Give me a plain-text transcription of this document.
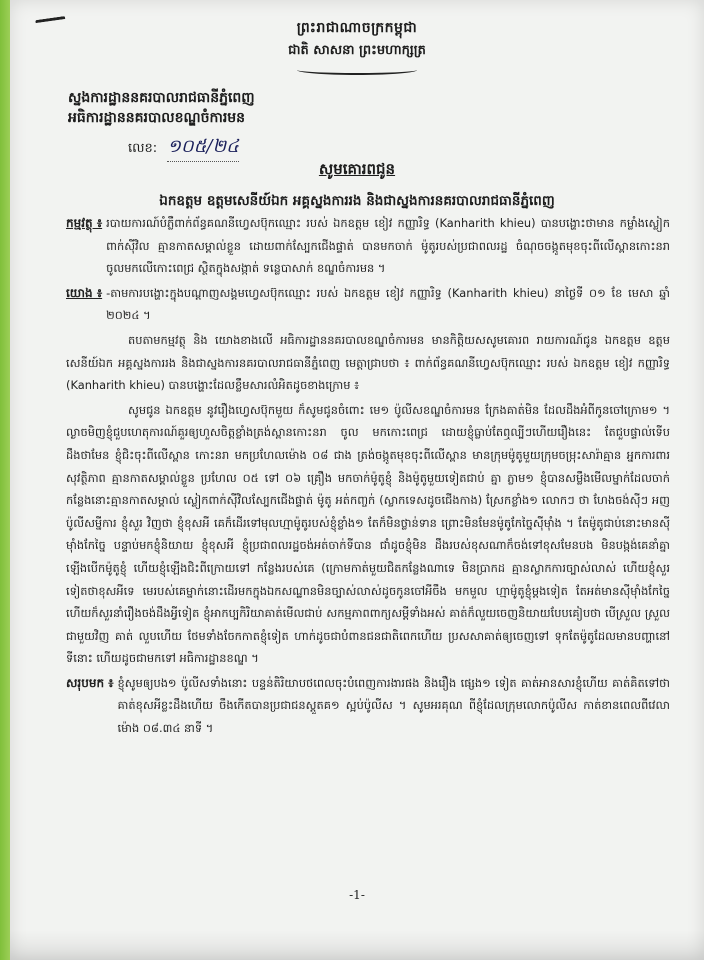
ព្រះរាជាណាចក្រកម្ពុជា
ជាតិ សាសនា ព្រះមហាក្សត្រ
ស្នងការដ្ឋាននគរបាលរាជធានីភ្នំពេញ
អធិការដ្ឋាននគរបាលខណ្ឌចំការមន
លេខ: ១០៥/២៤
សូមគោរពជូន
ឯកឧត្តម ឧត្តមសេនីយ៍ឯក អគ្គស្នងការរង និងជាស្នងការនគរបាលរាជធានីភ្នំពេញ
កម្មវត្ថុ ៖ របាយការណ៍បំភ្លឺពាក់ព័ន្ធគណនីហ្វេសប៊ុកឈ្មោះ របស់ ឯកឧត្តម ខៀវ កញ្ញារិទ្ធ (Kanharith khieu) បានបង្ហោះថាមាន កម្លាំងស្លៀកពាក់ស៊ីវិល គ្មានកាតសម្គាល់ខ្លួន ដោយពាក់ស្បែកជើងផ្ទាត់ បានមកចាក់ ម៉ូតូរបស់ប្រជាពលរដ្ឋ ចំណុចចង្កូតមុខចុះពីលើស្ពានកោះនរា ចូលមកលើកោះពេជ្រ ស្ថិតក្នុងសង្កាត់ ទន្លេបាសាក់ ខណ្ឌចំការមន ។
យោង ៖ -តាមការបង្ហោះក្នុងបណ្តាញសង្គមហ្វេសប៊ុកឈ្មោះ របស់ ឯកឧត្តម ខៀវ កញ្ញារិទ្ធ (Kanharith khieu) នាថ្ងៃទី ០១ ខែ មេសា ឆ្នាំ ២០២៤ ។
តបតាមកម្មវត្ថុ និង យោងខាងលើ អធិការដ្ឋាននគរបាលខណ្ឌចំការមន មានកិត្តិយសសូមគោរព រាយការណ៍ជូន ឯកឧត្តម ឧត្តមសេនីយ៍ឯក អគ្គស្នងការរង និងជាស្នងការនគរបាលរាជធានីភ្នំពេញ មេត្តាជ្រាបថា ៖ ពាក់ព័ន្ធគណនីហ្វេសប៊ុកឈ្មោះ របស់ ឯកឧត្តម ខៀវ កញ្ញារិទ្ធ (Kanharith khieu) បានបង្ហោះដែលខ្លឹមសារលំអិតដូចខាងក្រោម ៖
សូមជូន ឯកឧត្តម នូវរឿងហ្វេសប៊ុកមួយ ក៏សូមជូនចំពោះ មេ១ ប៉ូលីសខណ្ឌចំការមន ក្រែងគាត់មិន ដែលដឹងអំពីកូនចៅក្រោម១ ។ ល្ងាចមិញខ្ញុំជួបហេតុការណ៍គួរឲ្យហួសចិត្តខ្លាំងត្រង់ស្ពានកោះនរា ចូល មកកោះពេជ្រ ដោយខ្ញុំធ្លាប់តែឮល្បីៗហើយរឿងនេះ តែជួបផ្ទាល់ទើបដឹងថាមែន ខ្ញុំជិះចុះពីលើស្ពាន កោះនរា មកប្រហែលម៉ោង ០៨ ជាង ត្រង់ចង្កូតមុខចុះពីលើស្ពាន មានក្រុមម៉ូតូមួយក្រុមចម្រុះសារ៉ាគ្មាន អ្នកការពារសុវត្ថិភាព គ្មានកាតសម្គាល់ខ្លួន ប្រហែល ០៥ ទៅ ០៦ គ្រឿង មកចាក់ម៉ូតូខ្ញុំ និងម៉ូតូមួយទៀតជាប់ គ្នា ភ្លាម១ ខ្ញុំបានសម្លឹងមើលម្នាក់ដែលចាក់កន្លែងនោះគ្មានកាតសម្គាល់ ស្លៀកពាក់ស៊ីវិលស្បែកជើងផ្ទាត់ ម៉ូតូ អត់កញ្ចក់ (ស្លាកទេសដូចជើងកាង) ស្រែកខ្លាំង១ លោកៗ ថា ហែងចង់ស៊ីៗ អញប៉ូលីសម្នីការ ខ្ញុំសួរ វិញថា ខ្ញុំខុសអី គេក៏ដើរទៅមុលហ្មាម៉ូតូរបស់ខ្ញុំខ្លាំង១ តែក៏មិនថ្លាន់ទាន ព្រោះមិនមែនម៉ូតូកែច្នៃស៊ីម៉ាំង ។ តែម៉ូតូជាប់នោះមានស៊ីម៉ាំងកែច្នៃ បន្ទាប់មកខ្ញុំនិយាយ ខ្ញុំខុសអី ខ្ញុំប្រជាពលរដ្ឋចង់អត់ចាក់ទីបាន ជាំដូចខ្ញុំមិន ដឹងរបស់ខុសណាក៏ចង់ទៅខុសមែនបង មិនបង្កង់គេនាំគ្នាឡើងបើកម៉ូតូខ្ញុំ ហើយខ្ញុំឡើងជិះពីក្រោយទៅ កន្លែងរបស់គេ (ក្រោមកាត់មួយជិតកន្លែងណាទេ មិនប្រាកដ គ្មានស្លាកការច្បាស់លាស់ ហើយខ្ញុំសួរ ទៀតថាខុសអីទេ មេរបស់គេម្នាក់នោះដើរមកក្នុងឯកសណ្ឋានមិនច្បាស់លាស់ដូចកូនចៅអីចឹង មកមួល ហ្មាម៉ូតូខ្ញុំម្តងទៀត តែអត់មានស៊ីម៉ាំងកែច្នៃ ហើយក៏សួរនាំរឿងចង់ដឹងអ្វីទៀត ខ្ញុំអាកប្បកិរិយាគាត់មើលជាប់ សកម្មភាពពាក្យសម្តីទាំងអស់ គាត់ក៏លួយចេញនិយាយបែបគៀបថា បើស្រួល ស្រួល ជាមួយវិញ គាត់ លួបហើយ ថែមទាំងចែកកាតខ្ញុំទៀត ហាក់ដូចជាបំពានជនជាតិពេកហើយ ប្រសសាគាត់ឲ្យចេញទៅ ទុកតែម៉ូតូដែលមានបញ្ហានៅទីនោះ ហើយដូចជាមកទៅ អធិការដ្ឋានខណ្ឌ ។
សរុបមក ៖ ខ្ញុំសូមឲ្យបង១ ប៉ូលីសទាំងនោះ បន្ទន់តិរិយាបថពេលចុះបំពេញការងារផង និងរឿង ផ្សេង១ ទៀត គាត់អានសារខ្ញុំហើយ គាត់គិតទៅថាគាត់ខុសអីខ្លះដឹងហើយ ចឹងកើតបានប្រជាជនស្ដួតគ១ ស្អប់ប៉ូលីស ។ សូមអរគុណ ពីខ្ញុំដែលក្រុមលោកប៉ូលីស កាត់ខានពេលពីវេលាម៉ោង ០៨.៣៤ នាទី ។
-1-
